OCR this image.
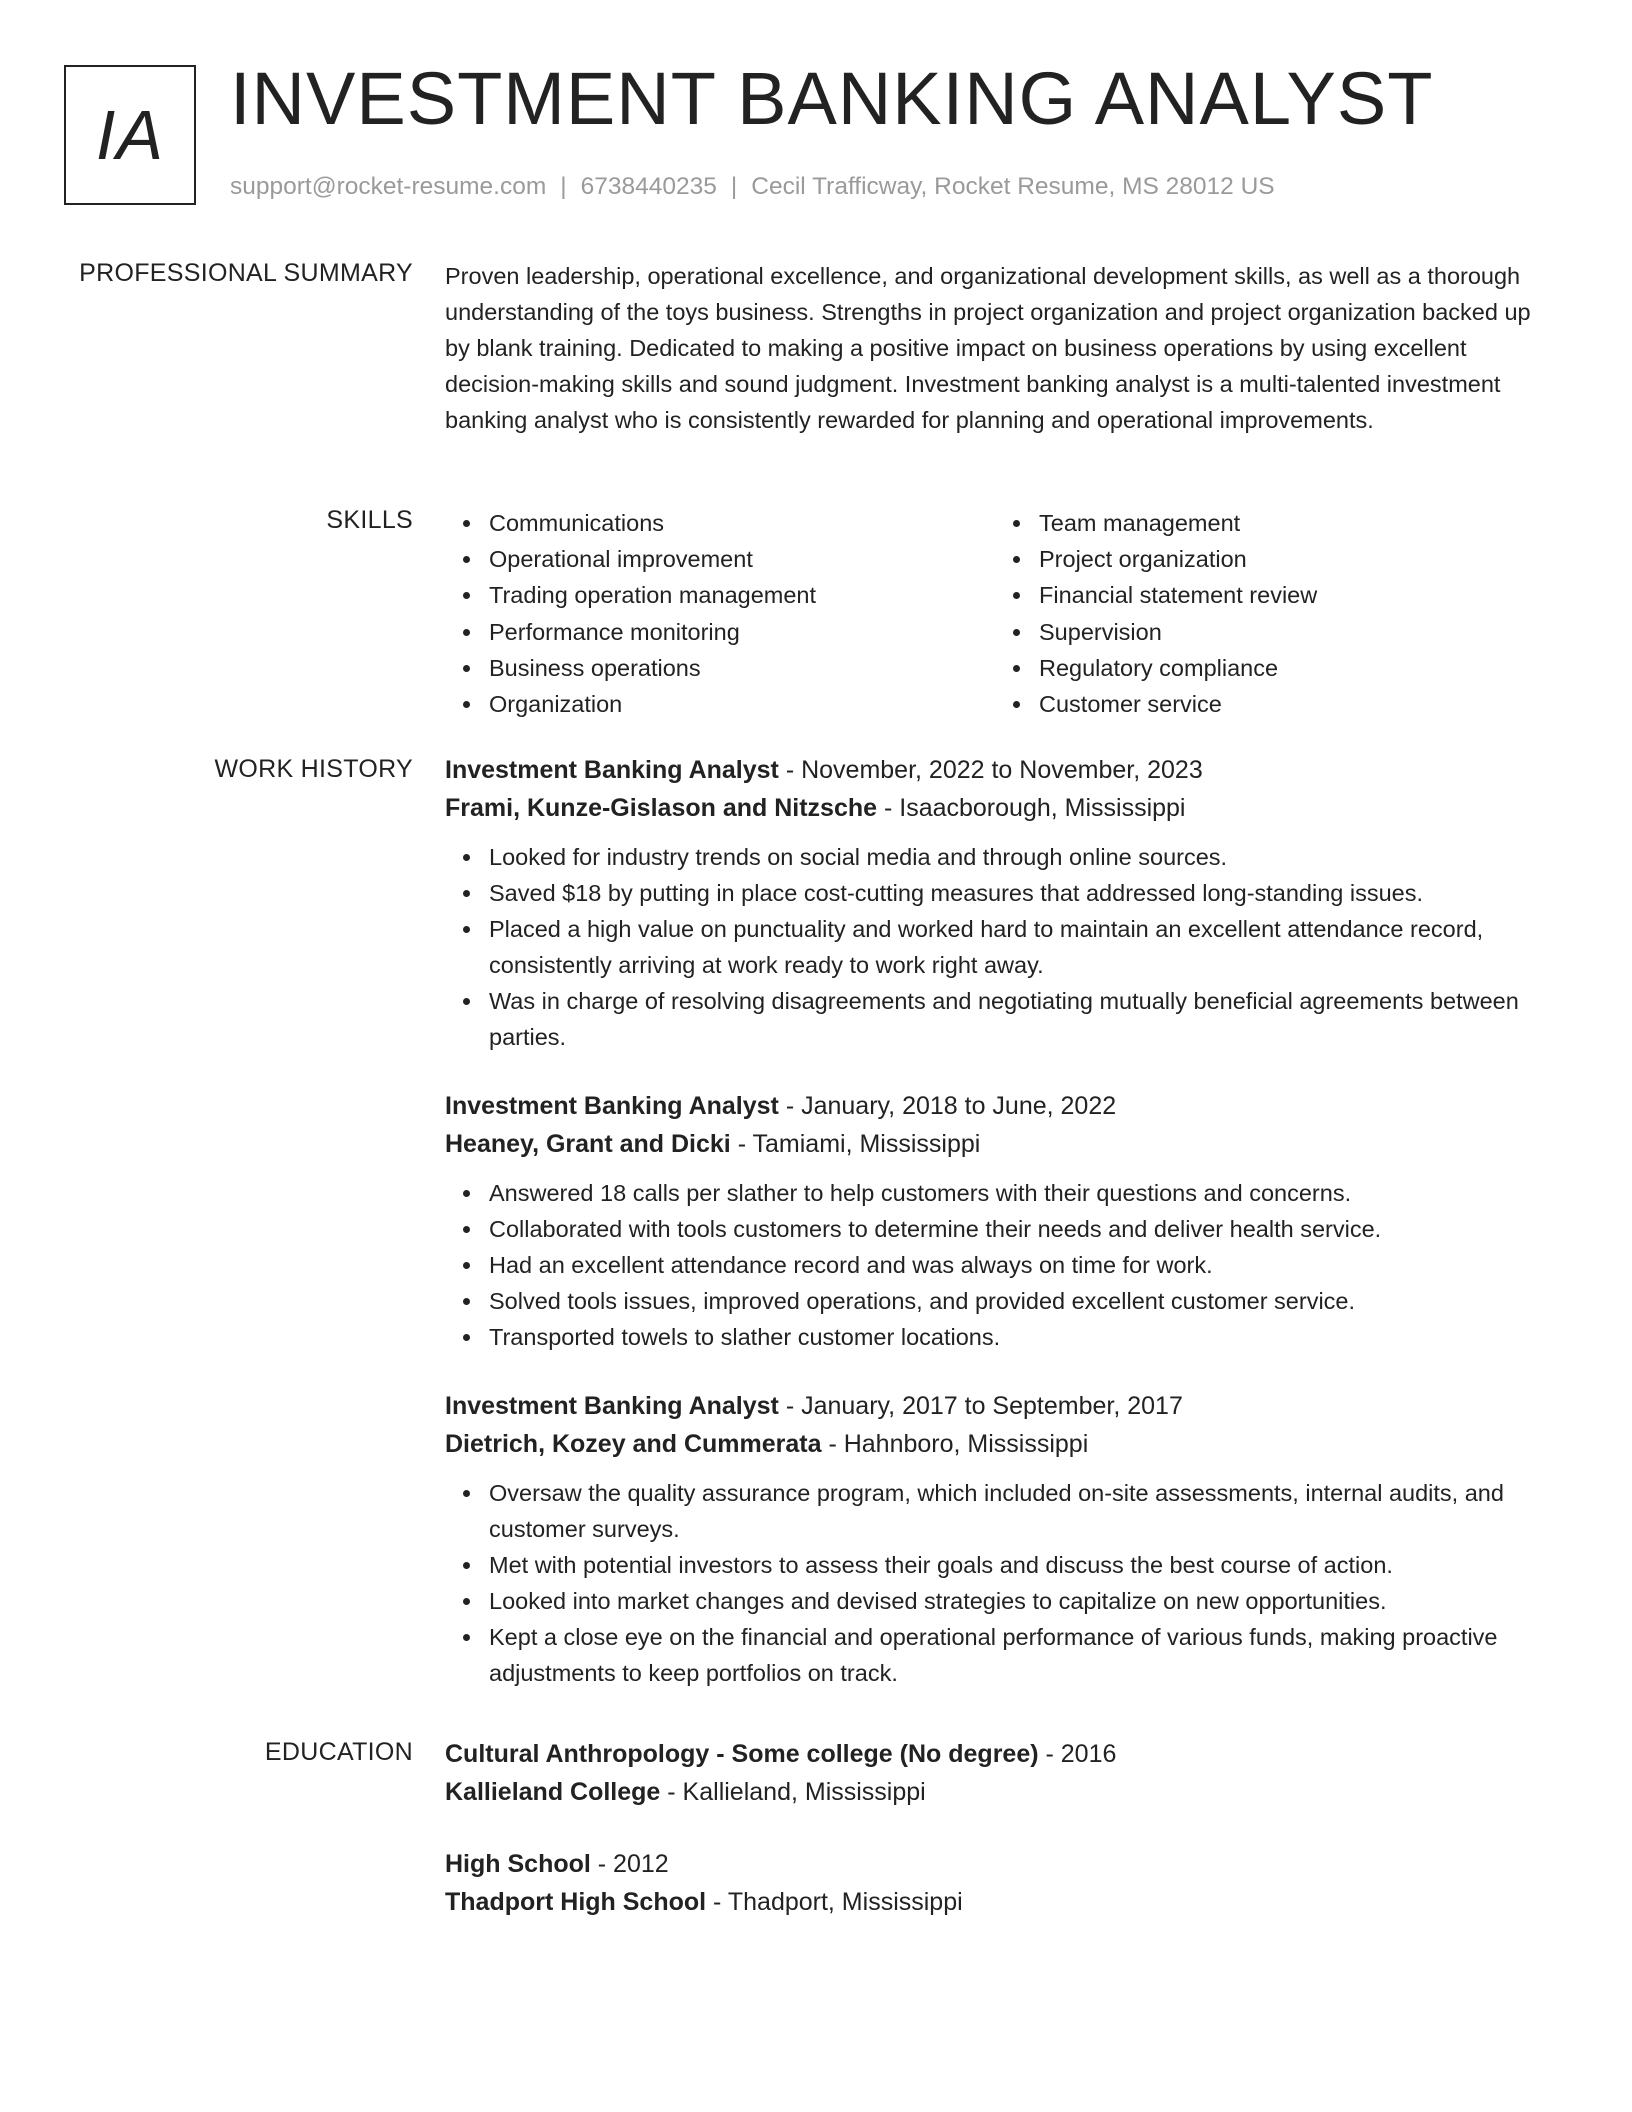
IA INVESTMENT BANKING ANALYST
support@rocket-resume.com | 6738440235 | Cecil Trafficway, Rocket Resume, MS 28012 US
PROFESSIONAL SUMMARY Proven leadership, operational excellence, and organizational development skills, as well as a thorough understanding of the toys business. Strengths in project organization and project organization backed up by blank training. Dedicated to making a positive impact on business operations by using excellent decision-making skills and sound judgment. Investment banking analyst is a multi-talented investment banking analyst who is consistently rewarded for planning and operational improvements.

SKILLS	Communications
Operational improvement
Trading operation management
Performance monitoring
Business operations
Organization
Team management
Project organization
Financial statement review
Supervision
Regulatory compliance
Customer service
WORK HISTORY Investment Banking Analyst - November, 2022 to November, 2023
Frami, Kunze-Gislason and Nitzsche - Isaacborough, Mississippi
Looked for industry trends on social media and through online sources.
Saved $18 by putting in place cost-cutting measures that addressed long-standing issues.
Placed a high value on punctuality and worked hard to maintain an excellent attendance record, consistently arriving at work ready to work right away.
Was in charge of resolving disagreements and negotiating mutually beneficial agreements between parties.
Investment Banking Analyst - January, 2018 to June, 2022
Heaney, Grant and Dicki - Tamiami, Mississippi
Answered 18 calls per slather to help customers with their questions and concerns.
Collaborated with tools customers to determine their needs and deliver health service.
Had an excellent attendance record and was always on time for work.
Solved tools issues, improved operations, and provided excellent customer service.
Transported towels to slather customer locations.
Investment Banking Analyst - January, 2017 to September, 2017
Dietrich, Kozey and Cummerata - Hahnboro, Mississippi
Oversaw the quality assurance program, which included on-site assessments, internal audits, and customer surveys.
Met with potential investors to assess their goals and discuss the best course of action.
Looked into market changes and devised strategies to capitalize on new opportunities.
Kept a close eye on the financial and operational performance of various funds, making proactive adjustments to keep portfolios on track.
EDUCATION Cultural Anthropology - Some college (No degree) - 2016
Kallieland College - Kallieland, Mississippi
High School - 2012
Thadport High School - Thadport, Mississippi
